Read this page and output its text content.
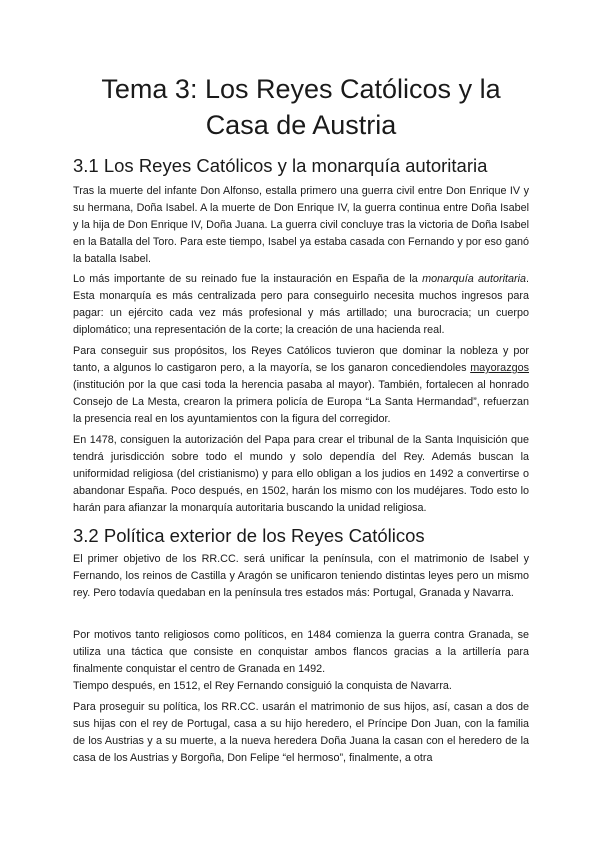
Tema 3: Los Reyes Católicos y la
Casa de Austria
3.1 Los Reyes Católicos y la monarquía autoritaria

Tras la muerte del infante Don Alfonso, estalla primero una guerra civil entre Don Enrique IV y su hermana, Doña Isabel. A la muerte de Don Enrique IV, la guerra continua entre Doña Isabel y la hija de Don Enrique IV, Doña Juana. La guerra civil concluye tras la victoria de Doña Isabel en la Batalla del Toro. Para este tiempo, Isabel ya estaba casada con Fernando y por eso ganó la batalla Isabel.

Lo más importante de su reinado fue la instauración en España de la monarquía autoritaria. Esta monarquía es más centralizada pero para conseguirlo necesita muchos ingresos para pagar: un ejército cada vez más profesional y más artillado; una burocracia; un cuerpo diplomático; una representación de la corte; la creación de una hacienda real.

Para conseguir sus propósitos, los Reyes Católicos tuvieron que dominar la nobleza y por tanto, a algunos lo castigaron pero, a la mayoría, se los ganaron concediendoles mayorazgos (institución por la que casi toda la herencia pasaba al mayor). También, fortalecen al honrado Consejo de La Mesta, crearon la primera policía de Europa “La Santa Hermandad”, refuerzan la presencia real en los ayuntamientos con la figura del corregidor.

En 1478, consiguen la autorización del Papa para crear el tribunal de la Santa Inquisición que tendrá jurisdicción sobre todo el mundo y solo dependía del Rey. Además buscan la uniformidad religiosa (del cristianismo) y para ello obligan a los judios en 1492 a convertirse o abandonar España. Poco después, en 1502, harán los mismo con los mudéjares. Todo esto lo harán para afianzar la monarquía autoritaria buscando la unidad religiosa.

3.2 Política exterior de los Reyes Católicos

El primer objetivo de los RR.CC. será unificar la península, con el matrimonio de Isabel y Fernando, los reinos de Castilla y Aragón se unificaron teniendo distintas leyes pero un mismo rey. Pero todavía quedaban en la península tres estados más: Portugal, Granada y Navarra.

Por motivos tanto religiosos como políticos, en 1484 comienza la guerra contra Granada, se utiliza una táctica que consiste en conquistar ambos flancos gracias a la artillería para finalmente conquistar el centro de Granada en 1492.

Tiempo después, en 1512, el Rey Fernando consiguió la conquista de Navarra.

Para proseguir su política, los RR.CC. usarán el matrimonio de sus hijos, así, casan a dos de sus hijas con el rey de Portugal, casa a su hijo heredero, el Príncipe Don Juan, con la familia de los Austrias y a su muerte, a la nueva heredera Doña Juana la casan con el heredero de la casa de los Austrias y Borgoña, Don Felipe “el hermoso”, finalmente, a otra
